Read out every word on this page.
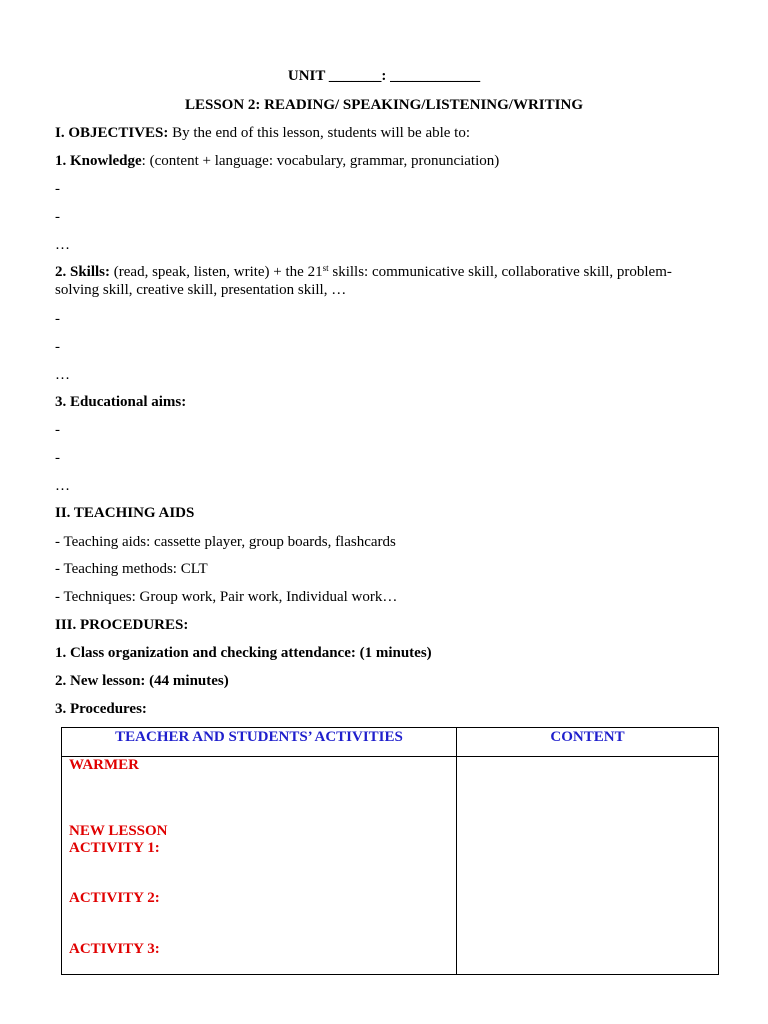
UNIT _______: ____________
LESSON 2: READING/ SPEAKING/LISTENING/WRITING
I. OBJECTIVES: By the end of this lesson, students will be able to:
1. Knowledge: (content + language: vocabulary, grammar, pronunciation)
-
-
…
2. Skills: (read, speak, listen, write) + the 21st skills: communicative skill, collaborative skill, problem-solving skill, creative skill, presentation skill, …
-
-
…
3. Educational aims:
-
-
…
II. TEACHING AIDS
- Teaching aids: cassette player, group boards, flashcards
- Teaching methods: CLT
- Techniques: Group work, Pair work, Individual work…
III. PROCEDURES:
1. Class organization and checking attendance: (1 minutes)
2. New lesson: (44 minutes)
3. Procedures:
TEACHER AND STUDENTS’ ACTIVITIES	CONTENT

WARMER
NEW LESSON
ACTIVITY 1:
ACTIVITY 2:
ACTIVITY 3:	
